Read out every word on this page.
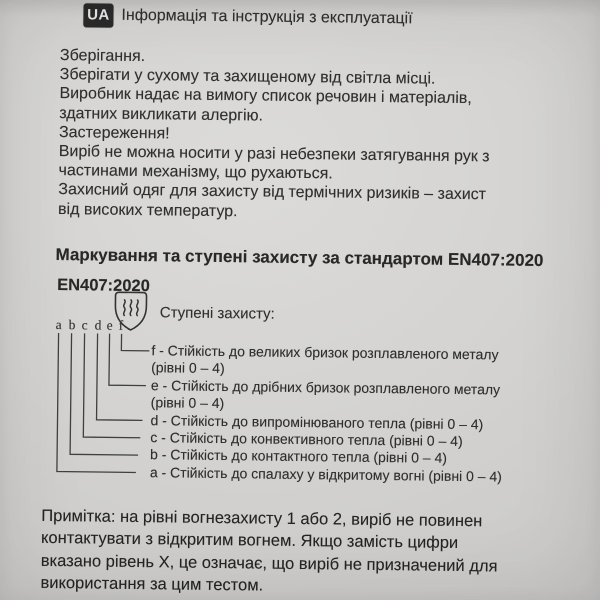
UA Інформація та інструкція з експлуатації
Зберігання.
Зберігати у сухому та захищеному від світла місці.
Виробник надає на вимогу список речовин і матеріалів,
здатних викликати алергію.
Застереження!
Виріб не можна носити у разі небезпеки затягування рук з
частинами механізму, що рухаються.
Захисний одяг для захисту від термічних ризиків – захист
від високих температур.
Маркування та ступені захисту за стандартом EN407:2020
EN407:2020
Ступені захисту:
a b c d e f
f - Стійкість до великих бризок розплавленого металу
(рівні 0 – 4)
e - Стійкість до дрібних бризок розплавленого металу
(рівні 0 – 4)
d - Стійкість до випромінюваного тепла (рівні 0 – 4)
c - Стійкість до конвективного тепла (рівні 0 – 4)
b - Стійкість до контактного тепла (рівні 0 – 4)
a - Стійкість до спалаху у відкритому вогні (рівні 0 – 4)
Примітка: на рівні вогнезахисту 1 або 2, виріб не повинен
контактувати з відкритим вогнем. Якщо замість цифри
вказано рівень X, це означає, що виріб не призначений для
використання за цим тестом.
